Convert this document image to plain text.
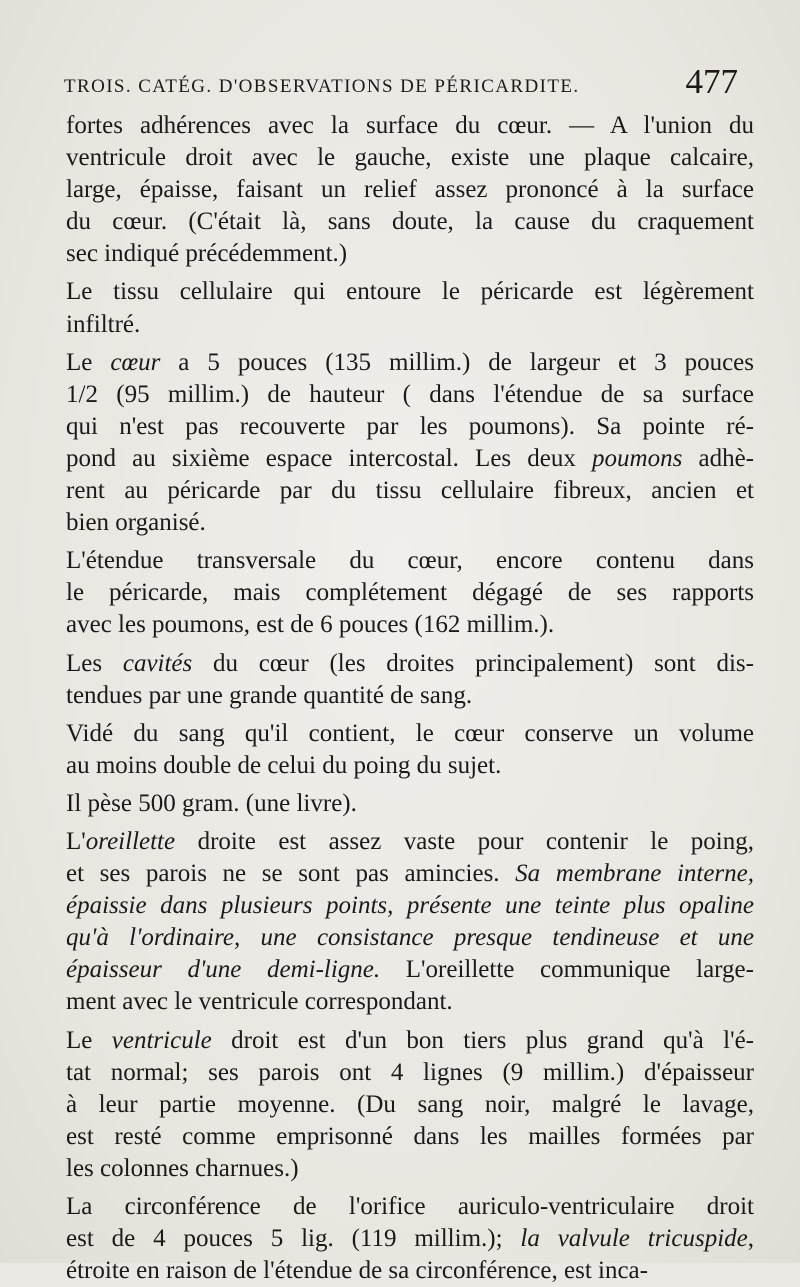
TROIS. CATÉG. D'OBSERVATIONS DE PÉRICARDITE.	477
fortes adhérences avec la surface du cœur. — A l'union du
ventricule droit avec le gauche, existe une plaque calcaire,
large, épaisse, faisant un relief assez prononcé à la surface
du cœur. (C'était là, sans doute, la cause du craquement
sec indiqué précédemment.)
Le tissu cellulaire qui entoure le péricarde est légèrement
infiltré.
Le cœur a 5 pouces (135 millim.) de largeur et 3 pouces
1/2 (95 millim.) de hauteur ( dans l'étendue de sa surface
qui n'est pas recouverte par les poumons). Sa pointe ré-
pond au sixième espace intercostal. Les deux poumons adhè-
rent au péricarde par du tissu cellulaire fibreux, ancien et
bien organisé.
L'étendue transversale du cœur, encore contenu dans
le péricarde, mais complétement dégagé de ses rapports
avec les poumons, est de 6 pouces (162 millim.).
Les cavités du cœur (les droites principalement) sont dis-
tendues par une grande quantité de sang.
Vidé du sang qu'il contient, le cœur conserve un volume
au moins double de celui du poing du sujet.
Il pèse 500 gram. (une livre).
L'oreillette droite est assez vaste pour contenir le poing,
et ses parois ne se sont pas amincies. Sa membrane interne,
épaissie dans plusieurs points, présente une teinte plus opaline
qu'à l'ordinaire, une consistance presque tendineuse et une
épaisseur d'une demi-ligne. L'oreillette communique large-
ment avec le ventricule correspondant.
Le ventricule droit est d'un bon tiers plus grand qu'à l'é-
tat normal; ses parois ont 4 lignes (9 millim.) d'épaisseur
à leur partie moyenne. (Du sang noir, malgré le lavage,
est resté comme emprisonné dans les mailles formées par
les colonnes charnues.)
La circonférence de l'orifice auriculo-ventriculaire droit
est de 4 pouces 5 lig. (119 millim.); la valvule tricuspide,
étroite en raison de l'étendue de sa circonférence, est inca-
